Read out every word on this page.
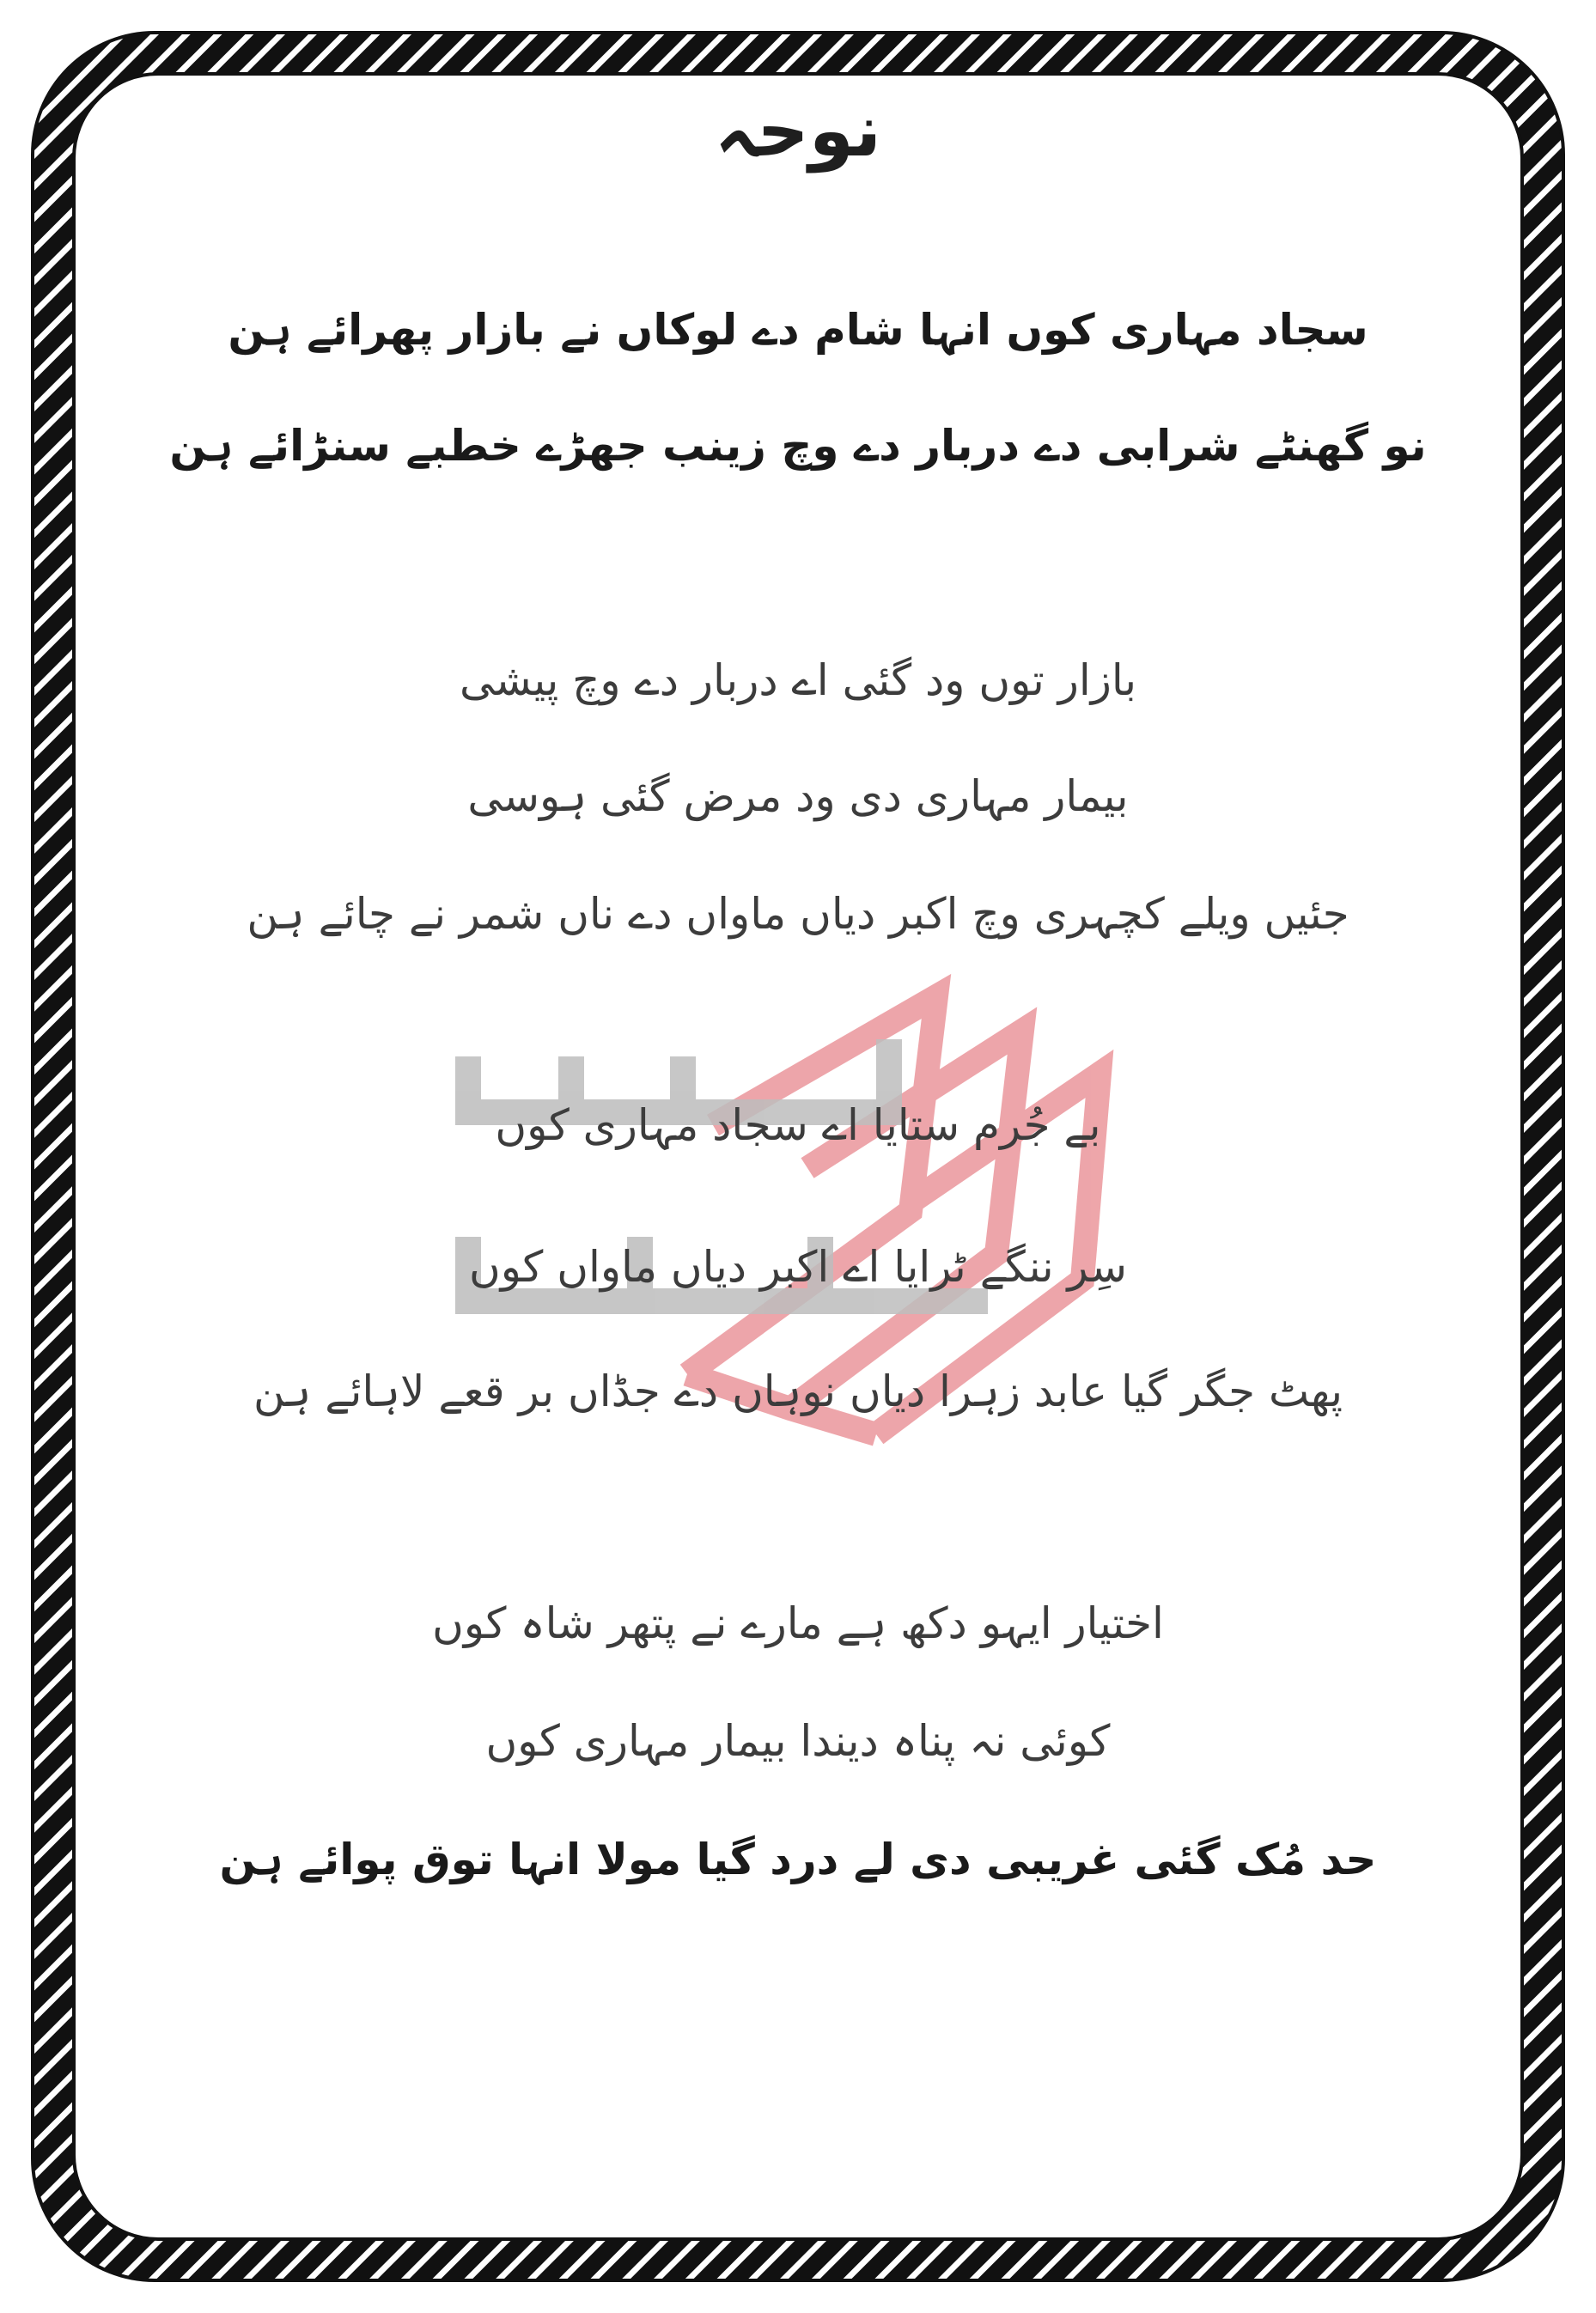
نوحہ
سجاد مہاری کوں انہا شام دے لوکاں نے بازار پھرائے ہن
نو گھنٹے شرابی دے دربار دے وچ زینب جھڑے خطبے سنڑائے ہن
بازار توں ود گئی اے دربار دے وچ پیشی
بیمار مہاری دی ود مرض گئی ہوسی
جئیں ویلے کچہری وچ اکبر دیاں ماواں دے ناں شمر نے چائے ہن
بے جُرم ستایا اے سجاد مہاری کوں
سِر ننگے ٹرایا اے اکبر دیاں ماواں کوں
پھٹ جگر گیا عابد زہرا دیاں نوہاں دے جڈاں بر قعے لاہائے ہن
اختیار ایہو دکھ ہے مارے نے پتھر شاہ کوں
کوئی نہ پناہ دیندا بیمار مہاری کوں
حد مُک گئی غریبی دی لے درد گیا مولا انہا توق پوائے ہن
